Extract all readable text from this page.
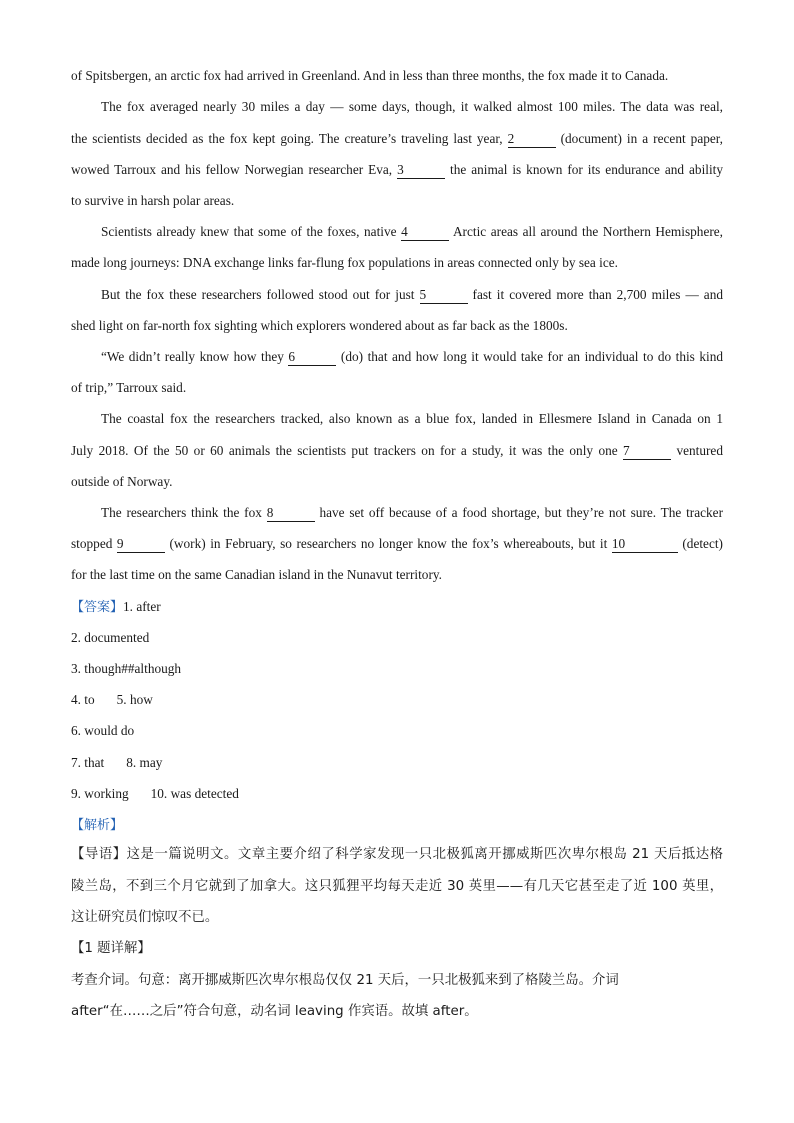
of Spitsbergen, an arctic fox had arrived in Greenland. And in less than three months, the fox made it to Canada.
The fox averaged nearly 30 miles a day — some days, though, it walked almost 100 miles. The data was real,
the scientists decided as the fox kept going. The creature’s traveling last year, 2	(document) in a recent paper,
wowed Tarroux and his fellow Norwegian researcher Eva, 3	the animal is known for its endurance and ability
to survive in harsh polar areas.
Scientists already knew that some of the foxes, native 4	Arctic areas all around the Northern Hemisphere,
made long journeys: DNA exchange links far-flung fox populations in areas connected only by sea ice.
But the fox these researchers followed stood out for just 5	fast it covered more than 2,700 miles — and
shed light on far-north fox sighting which explorers wondered about as far back as the 1800s.
“We didn’t really know how they 6	(do) that and how long it would take for an individual to do this kind
of trip,” Tarroux said.
The coastal fox the researchers tracked, also known as a blue fox, landed in Ellesmere Island in Canada on 1
July 2018. Of the 50 or 60 animals the scientists put trackers on for a study, it was the only one 7	ventured
outside of Norway.
The researchers think the fox 8	have set off because of a food shortage, but they’re not sure. The tracker
stopped 9	(work) in February, so researchers no longer know the fox’s whereabouts, but it 10	(detect)
for the last time on the same Canadian island in the Nunavut territory.
【答案】1. after
2. documented
3. though##although
4. to 5. how
6. would do
7. that 8. may
9. working 10. was detected
【解析】
【导语】这是一篇说明文。文章主要介绍了科学家发现一只北极狐离开挪威斯匹次卑尔根岛 21 天后抵达格
陵兰岛，不到三个月它就到了加拿大。这只狐狸平均每天走近 30 英里——有几天它甚至走了近 100 英里，
这让研究员们惊叹不已。
【1 题详解】
考查介词。句意：离开挪威斯匹次卑尔根岛仅仅 21 天后，一只北极狐来到了格陵兰岛。介词
after“在……之后”符合句意，动名词 leaving 作宾语。故填 after。
